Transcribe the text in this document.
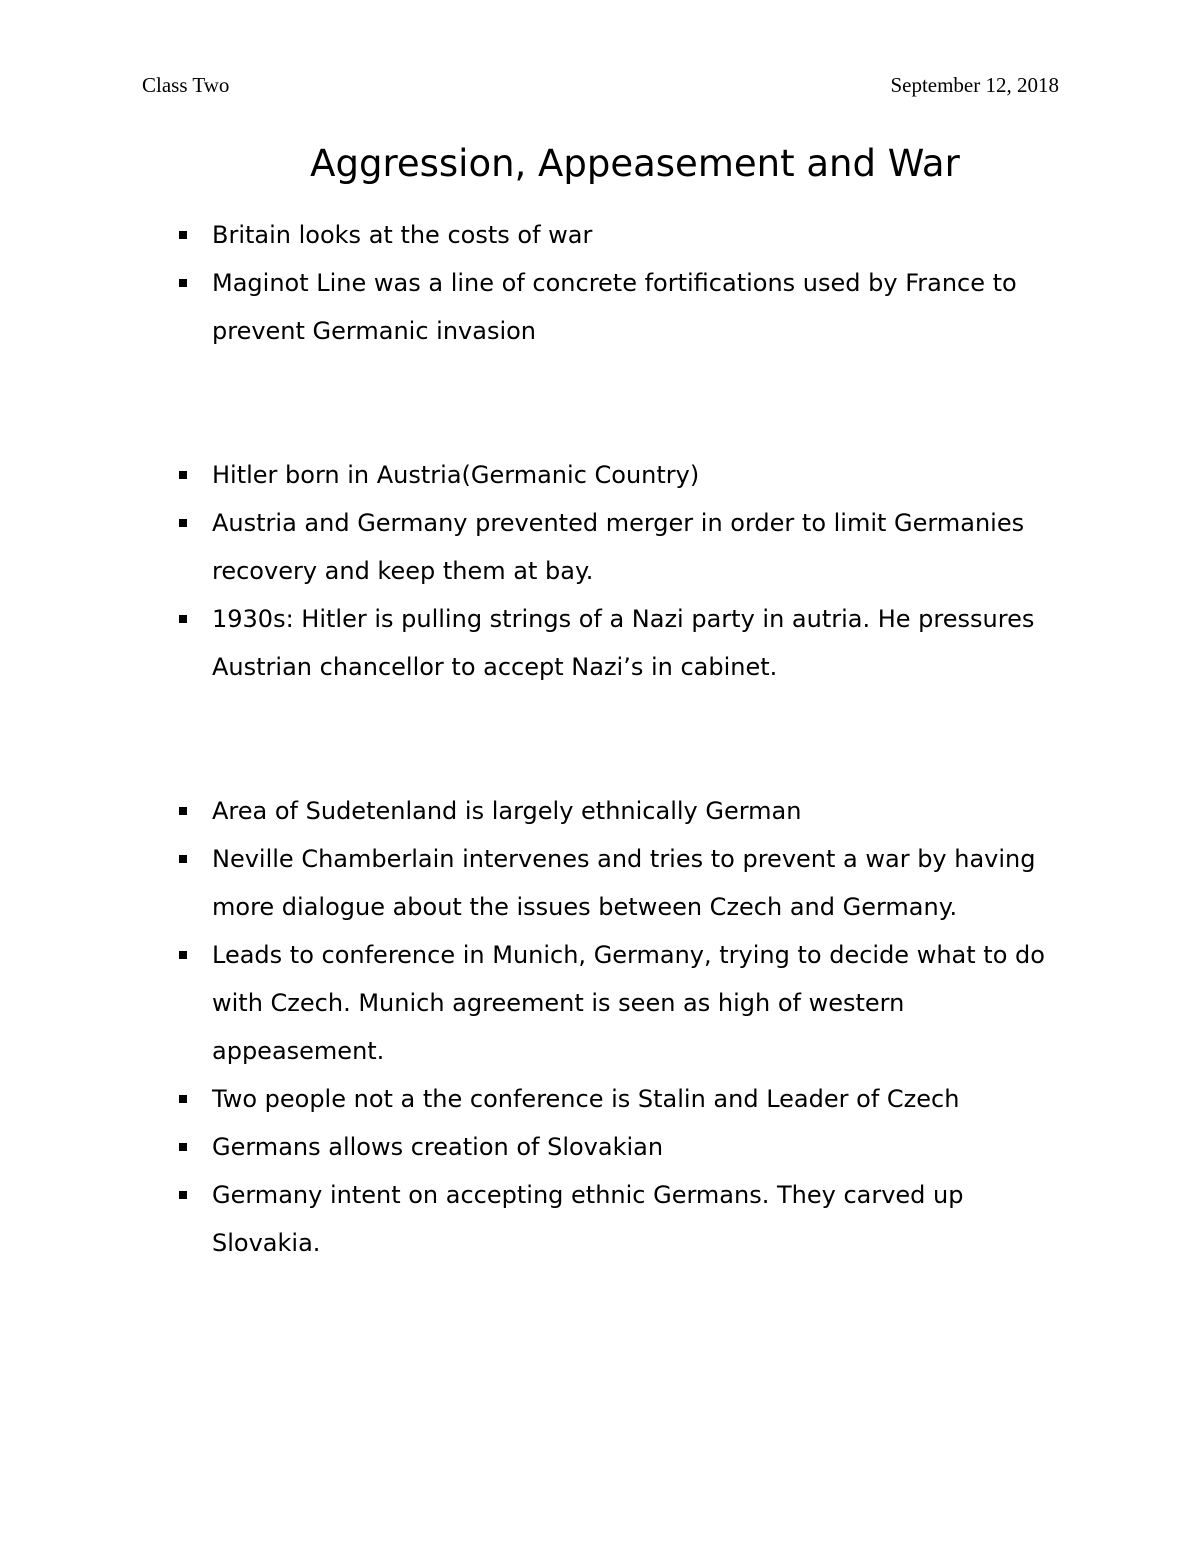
Class Two	September 12, 2018
Aggression, Appeasement and War
Britain looks at the costs of war
Maginot Line was a line of concrete fortifications used by France to prevent Germanic invasion
Hitler born in Austria(Germanic Country)
Austria and Germany prevented merger in order to limit Germanies recovery and keep them at bay.
1930s: Hitler is pulling strings of a Nazi party in autria. He pressures Austrian chancellor to accept Nazi’s in cabinet.
Area of Sudetenland is largely ethnically German
Neville Chamberlain intervenes and tries to prevent a war by having more dialogue about the issues between Czech and Germany.
Leads to conference in Munich, Germany, trying to decide what to do with Czech. Munich agreement is seen as high of western appeasement.
Two people not a the conference is Stalin and Leader of Czech
Germans allows creation of Slovakian
Germany intent on accepting ethnic Germans. They carved up Slovakia.
